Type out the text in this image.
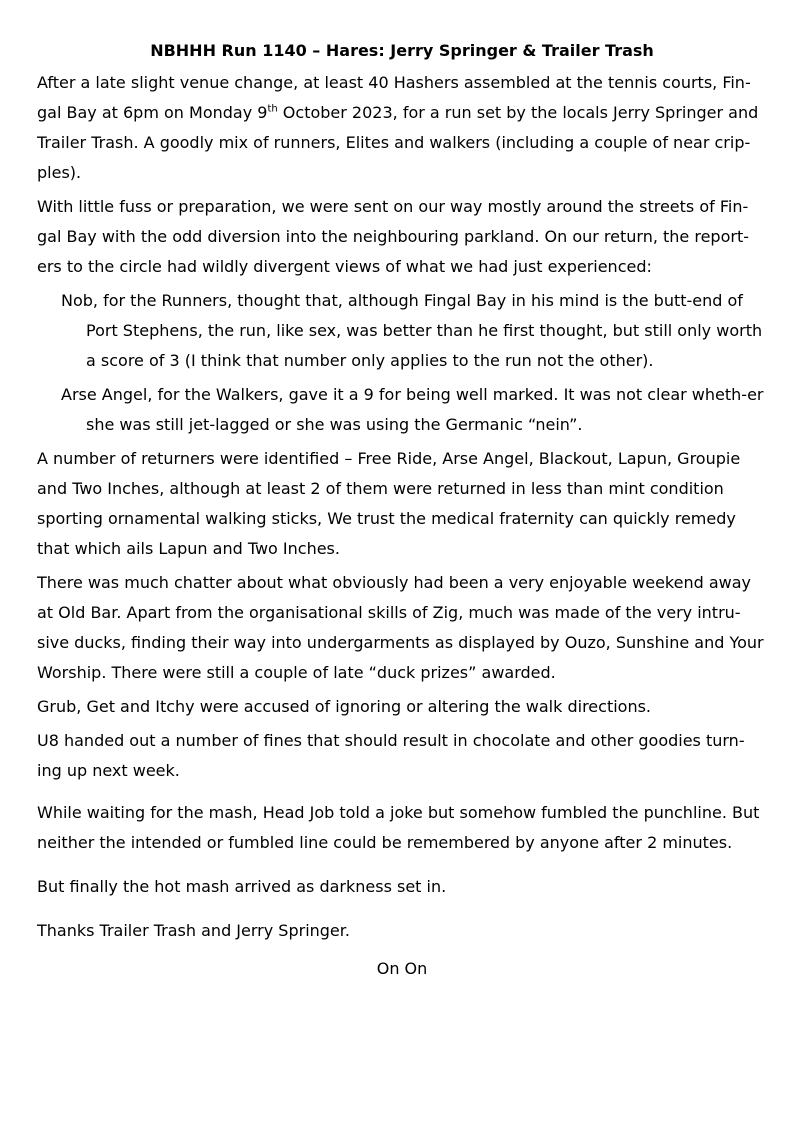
NBHHH Run 1140 – Hares: Jerry Springer & Trailer Trash
After a late slight venue change, at least 40 Hashers assembled at the tennis courts, Fin-gal Bay at 6pm on Monday 9th October 2023, for a run set by the locals Jerry Springer and Trailer Trash. A goodly mix of runners, Elites and walkers (including a couple of near crip-ples).
With little fuss or preparation, we were sent on our way mostly around the streets of Fin-gal Bay with the odd diversion into the neighbouring parkland. On our return, the report-ers to the circle had wildly divergent views of what we had just experienced:
Nob, for the Runners, thought that, although Fingal Bay in his mind is the butt-end of Port Stephens, the run, like sex, was better than he first thought, but still only worth a score of 3 (I think that number only applies to the run not the other).
Arse Angel, for the Walkers, gave it a 9 for being well marked. It was not clear wheth-er she was still jet-lagged or she was using the Germanic “nein”.
A number of returners were identified – Free Ride, Arse Angel, Blackout, Lapun, Groupie and Two Inches, although at least 2 of them were returned in less than mint condition sporting ornamental walking sticks, We trust the medical fraternity can quickly remedy that which ails Lapun and Two Inches.
There was much chatter about what obviously had been a very enjoyable weekend away at Old Bar. Apart from the organisational skills of Zig, much was made of the very intru-sive ducks, finding their way into undergarments as displayed by Ouzo, Sunshine and Your Worship. There were still a couple of late “duck prizes” awarded.
Grub, Get and Itchy were accused of ignoring or altering the walk directions.
U8 handed out a number of fines that should result in chocolate and other goodies turn-ing up next week.
While waiting for the mash, Head Job told a joke but somehow fumbled the punchline. But neither the intended or fumbled line could be remembered by anyone after 2 minutes.
But finally the hot mash arrived as darkness set in.
Thanks Trailer Trash and Jerry Springer.
On On
